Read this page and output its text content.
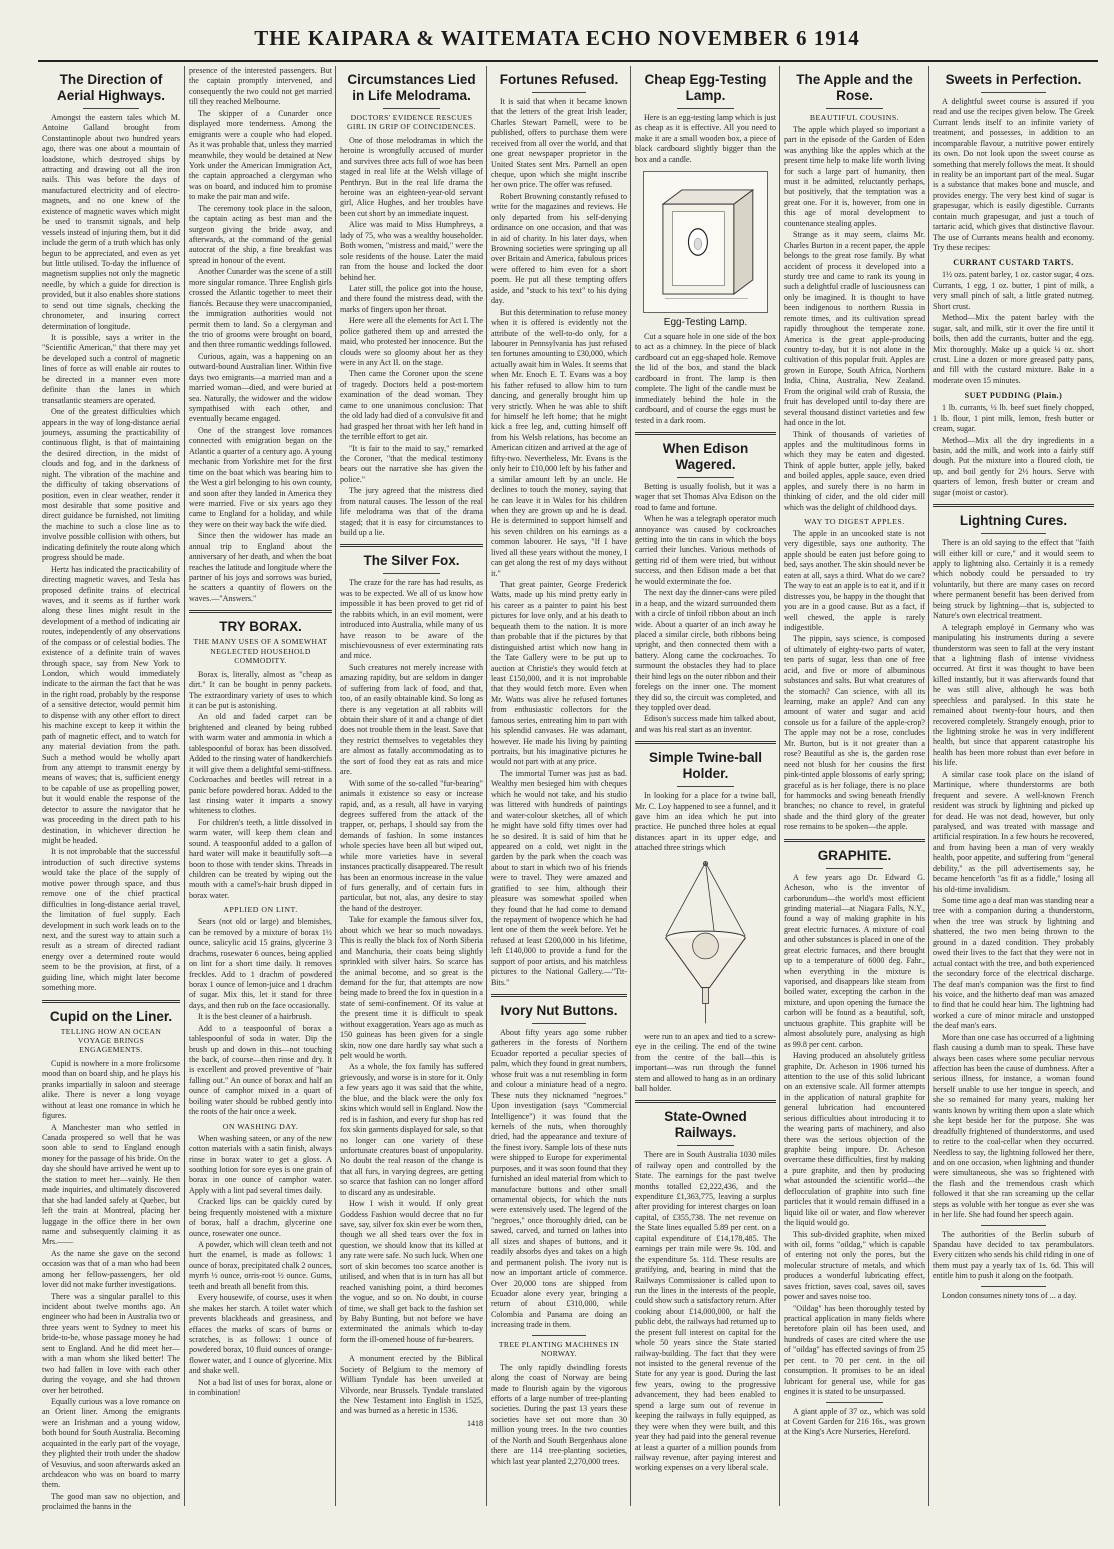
THE KAIPARA & WAITEMATA ECHO NOVEMBER 6 1914
The Direction of Aerial Highways.

Amongst the eastern tales which M. Antoine Galland brought from Constantinople about two hundred years ago, there was one about a mountain of loadstone, which destroyed ships by attracting and drawing out all the iron nails. This was before the days of manufactured electricity and of electro-magnets, and no one knew of the existence of magnetic waves which might be used to transmit signals, and help vessels instead of injuring them, but it did include the germ of a truth which has only begun to be appreciated, and even as yet but little utilised. To-day the influence of magnetism supplies not only the magnetic needle, by which a guide for direction is provided, but it also enables shore stations to send out time signals, checking the chronometer, and insuring correct determination of longitude.

It is possible, says a writer in the "Scientific American," that there may yet be developed such a control of magnetic lines of force as will enable air routes to be directed in a manner even more definite than the lanes in which transatlantic steamers are operated.

One of the greatest difficulties which appears in the way of long-distance aerial journeys, assuming the practicability of continuous flight, is that of maintaining the desired direction, in the midst of clouds and fog, and in the darkness of night. The vibration of the machine and the difficulty of taking observations of position, even in clear weather, render it most desirable that some positive and direct guidance be furnished, not limiting the machine to such a close line as to involve possible collision with others, but indicating definitely the route along which progress should be made.

Hertz has indicated the practicability of directing magnetic waves, and Tesla has proposed definite trains of electrical waves, and it seems as if further work along these lines might result in the development of a method of indicating air routes, independently of any observations of the compass or of celestial bodies. The existence of a definite train of waves through space, say from New York to London, which would immediately indicate to the airman the fact that he was in the right road, probably by the response of a sensitive detector, would permit him to dispense with any other effort to direct his machine except to keep it within the path of magnetic effect, and to watch for any material deviation from the path. Such a method would be wholly apart from any attempt to transmit energy by means of waves; that is, sufficient energy to be capable of use as propelling power, but it would enable the response of the detector to assure the navigator that he was proceeding in the direct path to his destination, in whichever direction he might be headed.

It is not improbable that the successful introduction of such directive systems would take the place of the supply of motive power through space, and thus remove one of the chief practical difficulties in long-distance aerial travel, the limitation of fuel supply. Each development in such work leads on to the next, and the surest way to attain such a result as a stream of directed radiant energy over a determined route would seem to be the provision, at first, of a guiding line, which might later become something more.

Cupid on the Liner.
TELLING HOW AN OCEAN VOYAGE BRINGS ENGAGEMENTS.

Cupid is nowhere in a more frolicsome mood than on board ship, and he plays his pranks impartially in saloon and steerage alike. There is never a long voyage without at least one romance in which he figures.

A Manchester man who settled in Canada prospered so well that he was soon able to send to England enough money for the passage of his bride. On the day she should have arrived he went up to the station to meet her—vainly. He then made inquiries, and ultimately discovered that she had landed safely at Quebec, but left the train at Montreal, placing her luggage in the office there in her own name and subsequently claiming it as Mrs.——

As the name she gave on the second occasion was that of a man who had been among her fellow-passengers, her old lover did not make further investigations.

There was a singular parallel to this incident about twelve months ago. An engineer who had been in Australia two or three years went to Sydney to meet his bride-to-be, whose passage money he had sent to England. And he did meet her—with a man whom she liked better! The two had fallen in love with each other during the voyage, and she had thrown over her betrothed.

Equally curious was a love romance on an Orient liner. Among the emigrants were an Irishman and a young widow, both bound for South Australia. Becoming acquainted in the early part of the voyage, they plighted their troth under the shadow of Vesuvius, and soon afterwards asked an archdeacon who was on board to marry them.

The good man saw no objection, and proclaimed the banns in the

presence of the interested passengers. But the captain promptly intervened, and consequently the two could not get married till they reached Melbourne.

The skipper of a Cunarder once displayed more tenderness. Among the emigrants were a couple who had eloped. As it was probable that, unless they married meanwhile, they would be detained at New York under the American Immigration Act, the captain approached a clergyman who was on board, and induced him to promise to make the pair man and wife.

The ceremony took place in the saloon, the captain acting as best man and the surgeon giving the bride away, and afterwards, at the command of the genial autocrat of the ship, a fine breakfast was spread in honour of the event.

Another Cunarder was the scene of a still more singular romance. Three English girls crossed the Atlantic together to meet their fiancés. Because they were unaccompanied, the immigration authorities would not permit them to land. So a clergyman and the trio of grooms were brought on board, and then three romantic weddings followed.

Curious, again, was a happening on an outward-bound Australian liner. Within five days two emigrants—a married man and a married woman—died, and were buried at sea. Naturally, the widower and the widow sympathised with each other, and eventually became engaged.

One of the strangest love romances connected with emigration began on the Atlantic a quarter of a century ago. A young mechanic from Yorkshire met for the first time on the boat which was bearing him to the West a girl belonging to his own county, and soon after they landed in America they were married. Five or six years ago they came to England for a holiday, and while they were on their way back the wife died.

Since then the widower has made an annual trip to England about the anniversary of her death, and when the boat reaches the latitude and longitude where the partner of his joys and sorrows was buried, he scatters a quantity of flowers on the waves.—"Answers."

TRY BORAX.
THE MANY USES OF A SOMEWHAT NEGLECTED HOUSEHOLD COMMODITY.

Borax is, literally, almost as "cheap as dirt." It can be bought in penny packets. The extraordinary variety of uses to which it can be put is astonishing.

An old and faded carpet can be brightened and cleaned by being rubbed with warm water and ammonia in which a tablespoonful of borax has been dissolved. Added to the rinsing water of handkerchiefs it will give them a delightful semi-stiffness. Cockroaches and beetles will retreat in a panic before powdered borax. Added to the last rinsing water it imparts a snowy whiteness to clothes.

For children's teeth, a little dissolved in warm water, will keep them clean and sound. A teaspoonful added to a gallon of hard water will make it beautifully soft—a boon to those with tender skins. Threads in children can be treated by wiping out the mouth with a camel's-hair brush dipped in borax water.

APPLIED ON LINT.

Sears (not old or large) and blemishes, can be removed by a mixture of borax 1½ ounce, salicylic acid 15 grains, glycerine 3 drachms, rosewater 6 ounces, being applied on lint for a short time daily. It removes freckles. Add to 1 drachm of powdered borax 1 ounce of lemon-juice and 1 drachm of sugar. Mix this, let it stand for three days, and then rub on the face occasionally.

It is the best cleaner of a hairbrush.

Add to a teaspoonful of borax a tablespoonful of soda in water. Dip the brush up and down in this—not touching the back, of course—then rinse and dry. It is excellent and proved preventive of "hair falling out." An ounce of borax and half an ounce of camphor mixed in a quart of boiling water should be rubbed gently into the roots of the hair once a week.

ON WASHING DAY.

When washing sateen, or any of the new cotton materials with a satin finish, always rinse in borax water to get a gloss. A soothing lotion for sore eyes is one grain of borax in one ounce of camphor water. Apply with a lint pad several times daily.

Cracked lips can be quickly cured by being frequently moistened with a mixture of borax, half a drachm, glycerine one ounce, rosewater one ounce.

A powder, which will clean teeth and not hurt the enamel, is made as follows: 1 ounce of borax, precipitated chalk 2 ounces, myrrh ½ ounce, orris-root ½ ounce. Gums, teeth and breath all benefit from this.

Every housewife, of course, uses it when she makes her starch. A toilet water which prevents blackheads and greasiness, and effaces the marks of scars of burns or scratches, is as follows: 1 ounce of powdered borax, 10 fluid ounces of orange-flower water, and 1 ounce of glycerine. Mix and shake well.

Not a bad list of uses for borax, alone or in combination!

Circumstances Lied in Life Melodrama.
DOCTORS' EVIDENCE RESCUES GIRL IN GRIP OF COINCIDENCES.

One of those melodramas in which the heroine is wrongfully accused of murder and survives three acts full of woe has been staged in real life at the Welsh village of Penthryn. But in the real life drama the heroine was an eighteen-year-old servant girl, Alice Hughes, and her troubles have been cut short by an immediate inquest.

Alice was maid to Miss Humphreys, a lady of 75, who was a wealthy householder. Both women, "mistress and maid," were the sole residents of the house. Later the maid ran from the house and locked the door behind her.

Later still, the police got into the house, and there found the mistress dead, with the marks of fingers upon her throat.

Here were all the elements for Act I. The police gathered them up and arrested the maid, who protested her innocence. But the clouds were so gloomy about her as they were in any Act II. on the stage.

Then came the Coroner upon the scene of tragedy. Doctors held a post-mortem examination of the dead woman. They came to one unanimous conclusion: That the old lady had died of a convulsive fit and had grasped her throat with her left hand in the terrible effort to get air.

"It is fair to the maid to say," remarked the Coroner, "that the medical testimony bears out the narrative she has given the police."

The jury agreed that the mistress died from natural causes. The lesson of the real life melodrama was that of the drama staged; that it is easy for circumstances to build up a lie.

The Silver Fox.

The craze for the rare has had results, as was to be expected. We all of us know how impossible it has been proved to get rid of the rabbits which, in an evil moment, were introduced into Australia, while many of us have reason to be aware of the mischievousness of ever exterminating rats and mice.

Such creatures not merely increase with amazing rapidity, but are seldom in danger of suffering from lack of food, and that, too, of an easily obtainable kind. So long as there is any vegetation at all rabbits will obtain their share of it and a change of diet does not trouble them in the least. Save that they restrict themselves to vegetables they are almost as fatally accommodating as to the sort of food they eat as rats and mice are.

With some of the so-called "fur-bearing" animals it existence so easy or increase rapid, and, as a result, all have in varying degrees suffered from the attack of the trapper, or, perhaps, I should say from the demands of fashion. In some instances whole species have been all but wiped out, while more varieties have in several instances practically disappeared. The result has been an enormous increase in the value of furs generally, and of certain furs in particular, but not, alas, any desire to stay the hand of the destroyer.

Take for example the famous silver fox, about which we hear so much nowadays. This is really the black fox of North Siberia and Manchuria, their coats being slightly sprinkled with silver hairs. So scarce has the animal become, and so great is the demand for the fur, that attempts are now being made to breed the fox in question in a state of semi-confinement. Of its value at the present time it is difficult to speak without exaggeration. Years ago as much as 150 guineas has been given for a single skin, now one dare hardly say what such a pelt would be worth.

As a whole, the fox family has suffered grievously, and worse is in store for it. Only a few years ago it was said that the white, the blue, and the black were the only fox skins which would sell in England. Now the red is in fashion, and every fur shop has red fox skin garments displayed for sale, so that no longer can one variety of these unfortunate creatures boast of unpopularity. No doubt the real reason of the change is that all furs, in varying degrees, are getting so scarce that fashion can no longer afford to discard any as undesirable.

How I wish it would. If only great Goddess Fashion would decree that no fur save, say, silver fox skin ever be worn then, though we all shed tears over the fox in question, we should know that its killed at any rate were safe. No such luck. When one sort of skin becomes too scarce another is utilised, and when that is in turn has all but reached vanishing point, a third becomes the vogue, and so on. No doubt, in course of time, we shall get back to the fashion set by Baby Bunting, but not before we have exterminated the animals which to-day form the ill-omened house of fur-bearers.

A monument erected by the Biblical Society of Belgium to the memory of William Tyndale has been unveiled at Vilvorde, near Brussels. Tyndale translated the New Testament into English in 1525, and was burned as a heretic in 1536.

1418
Fortunes Refused.

It is said that when it became known that the letters of the great Irish leader, Charles Stewart Parnell, were to be published, offers to purchase them were received from all over the world, and that one great newspaper proprietor in the United States sent Mrs. Parnell an open cheque, upon which she might inscribe her own price. The offer was refused.

Robert Browning constantly refused to write for the magazines and reviews. He only departed from his self-denying ordinance on one occasion, and that was in aid of charity. In his later days, when Browning societies were springing up all over Britain and America, fabulous prices were offered to him even for a short poem. He put all these tempting offers aside, and "stuck to his text" to his dying day.

But this determination to refuse money when it is offered is evidently not the attribute of the well-to-do only, for a labourer in Pennsylvania has just refused ten fortunes amounting to £30,000, which actually await him in Wales. It seems that when Mr. Enoch E. T. Evans was a boy his father refused to allow him to turn dancing, and generally brought him up very strictly. When he was able to shift for himself he left home; that he might kick a free leg, and, cutting himself off from his Welsh relations, has become an American citizen and arrived at the age of fifty-two. Nevertheless, Mr. Evans is the only heir to £10,000 left by his father and a similar amount left by an uncle. He declines to touch the money, saying that he can leave it in Wales for his children when they are grown up and he is dead. He is determined to support himself and his seven children on his earnings as a common labourer. He says, "If I have lived all these years without the money, I can get along the rest of my days without it."

That great painter, George Frederick Watts, made up his mind pretty early in his career as a painter to paint his best pictures for love only, and at his death to bequeath them to the nation. It is more than probable that if the pictures by that distinguished artist which now hang in the Tate Gallery were to be put up to auction at Christie's they would fetch at least £150,000, and it is not improbable that they would fetch more. Even when Mr. Watts was alive he refused fortunes from enthusiastic collectors for the famous series, entreating him to part with his splendid canvases. He was adamant, however. He made his living by painting portraits, but his imaginative pictures he would not part with at any price.

The immortal Turner was just as bad. Wealthy men besieged him with cheques which he would not take, and his studio was littered with hundreds of paintings and water-colour sketches, all of which he might have sold fifty times over had he so desired. It is said of him that he appeared on a cold, wet night in the garden by the park when the coach was about to start in which two of his friends were to travel. They were amazed and gratified to see him, although their pleasure was somewhat spoiled when they found that he had come to demand the repayment of twopence which he had lent one of them the week before. Yet he refused at least £200,000 in his lifetime, left £140,000 to provide a fund for the support of poor artists, and his matchless pictures to the National Gallery.—"Tit-Bits."

Ivory Nut Buttons.

About fifty years ago some rubber gatherers in the forests of Northern Ecuador reported a peculiar species of palm, which they found in great numbers, whose fruit was a nut resembling in form and colour a miniature head of a negro. These nuts they nicknamed "negroes." Upon investigation (says "Commercial Intelligence") it was found that the kernels of the nuts, when thoroughly dried, had the appearance and texture of the finest ivory. Sample lots of these nuts were shipped to Europe for experimental purposes, and it was soon found that they furnished an ideal material from which to manufacture buttons and other small ornamental objects, for which the nuts were extensively used. The legend of the "negroes," once thoroughly dried, can be sawed, carved, and turned on lathes into all sizes and shapes of buttons, and it readily absorbs dyes and takes on a high and permanent polish. The ivory nut is now an important article of commerce. Over 20,000 tons are shipped from Ecuador alone every year, bringing a return of about £310,000, while Colombia and Panama are doing an increasing trade in them.

TREE PLANTING MACHINES IN NORWAY.

The only rapidly dwindling forests along the coast of Norway are being made to flourish again by the vigorous efforts of a large number of tree-planting societies. During the past 13 years these societies have set out more than 30 million young trees. In the two counties of the North and South Bergenhaus alone there are 114 tree-planting societies, which last year planted 2,270,000 trees.

Cheap Egg-Testing Lamp.

Here is an egg-testing lamp which is just as cheap as it is effective. All you need to make it are a small wooden box, a piece of black cardboard slightly bigger than the box and a candle.

Egg-Testing Lamp.

Cut a square hole in one side of the box to act as a chimney. In the piece of black cardboard cut an egg-shaped hole. Remove the lid of the box, and stand the black cardboard in front. The lamp is then complete. The light of the candle must be immediately behind the hole in the cardboard, and of course the eggs must be tested in a dark room.

When Edison Wagered.

Betting is usually foolish, but it was a wager that set Thomas Alva Edison on the road to fame and fortune.

When he was a telegraph operator much annoyance was caused by cockroaches getting into the tin cans in which the boys carried their lunches. Various methods of getting rid of them were tried, but without success, and then Edison made a bet that he would exterminate the foe.

The next day the dinner-cans were piled in a heap, and the wizard surrounded them with a circle of tinfoil ribbon about an inch wide. About a quarter of an inch away he placed a similar circle, both ribbons being upright, and then connected them with a battery. Along came the cockroaches. To surmount the obstacles they had to place their hind legs on the outer ribbon and their forelegs on the inner one. The moment they did so, the circuit was completed, and they toppled over dead.

Edison's success made him talked about, and was his real start as an inventor.

Simple Twine-ball Holder.

In looking for a place for a twine ball, Mr. C. Loy happened to see a funnel, and it gave him an idea which he put into practice. He punched three holes at equal distances apart in its upper edge, and attached three strings which

were run to an apex and tied to a screw-eye in the ceiling. The end of the twine from the centre of the ball—this is important—was run through the funnel stem and allowed to hang as in an ordinary ball holder.

State-Owned Railways.

There are in South Australia 1030 miles of railway open and controlled by the State. The earnings for the past twelve months totalled £2,222,436, and the expenditure £1,363,775, leaving a surplus after providing for interest charges on loan capital, of £355,738. The net revenue on the State lines equalled 5.89 per cent. on a capital expenditure of £14,178,485. The earnings per train mile were 9s. 10d. and the expenditure 5s. 11d. These results are gratifying, and, bearing in mind that the Railways Commissioner is called upon to run the lines in the interests of the people, could show such a satisfactory return. After cooking about £14,000,000, or half the public debt, the railways had returned up to the present full interest on capital for the whole 50 years since the State started railway-building. The fact that they were not insisted to the general revenue of the State for any year is good. During the last few years, owing to the progressive advancement, they had been enabled to spend a large sum out of revenue in keeping the railways in fully equipped, as they were when they were built, and this year they had paid into the general revenue at least a quarter of a million pounds from railway revenue, after paying interest and working expenses on a very liberal scale.

The Apple and the Rose.
BEAUTIFUL COUSINS.

The apple which played so important a part in the episode of the Garden of Eden was anything like the apples which at the present time help to make life worth living for such a large part of humanity, then must it be admitted, reluctantly perhaps, but positively, that the temptation was a great one. For it is, however, from one in this age of moral development to countenance stealing apples.

Strange as it may seem, claims Mr. Charles Burton in a recent paper, the apple belongs to the great rose family. By what accident of process it developed into a sturdy tree and came to rank its young in such a delightful cradle of lusciousness can only be imagined. It is thought to have been indigenous to northern Russia in remote times, and its cultivation spread rapidly throughout the temperate zone. America is the great apple-producing country to-day, but it is not alone in the cultivation of this popular fruit. Apples are grown in Europe, South Africa, Northern India, China, Australia, New Zealand. From the original wild crab of Russia, the fruit has developed until to-day there are several thousand distinct varieties and few had once in the lot.

Think of thousands of varieties of apples and the multitudinous forms in which they may be eaten and digested. Think of apple butter, apple jelly, baked and boiled apples, apple sauce, even dried apples, and surely there is no harm in thinking of cider, and the old cider mill which was the delight of childhood days.

WAY TO DIGEST APPLES.

The apple in an uncooked state is not very digestible, says one authority. The apple should be eaten just before going to bed, says another. The skin should never be eaten at all, says a third. What do we care? The way to eat an apple is to eat it, and if it distresses you, be happy in the thought that you are in a good cause. But as a fact, if well chewed, the apple is rarely indigestible.

The pippin, says science, is composed of ultimately of eighty-two parts of water, ten parts of sugar, less than one of free acid, and five or more of albuminous substances and salts. But what creatures of the stomach? Can science, with all its learning, make an apple? And can any amount of water and sugar and acid console us for a failure of the apple-crop? The apple may not be a rose, concludes Mr. Burton, but is it not greater than a rose? Beautiful as she is, the garden rose need not blush for her cousins the first pink-tinted apple blossoms of early spring; graceful as is her foliage, there is no place for hammocks and swing beneath friendly branches; no chance to revel, in grateful shade and the third glory of the greater rose remains to be spoken—the apple.

GRAPHITE.

A few years ago Dr. Edward G. Acheson, who is the inventor of carborundum—the world's most efficient grinding material—at Niagara Falls, N.Y., found a way of making graphite in his great electric furnaces. A mixture of coal and other substances is placed in one of the great electric furnaces, and there brought up to a temperature of 6000 deg. Fahr., when everything in the mixture is vaporised, and disappears like steam from boiled water, excepting the carbon in the mixture, and upon opening the furnace the carbon will be found as a beautiful, soft, unctuous graphite. This graphite will be almost absolutely pure, analysing as high as 99.8 per cent. carbon.

Having produced an absolutely gritless graphite, Dr. Acheson in 1906 turned his attention to the use of this solid lubricant on an extensive scale. All former attempts in the application of natural graphite for general lubrication had encountered serious difficulties about introducing it to the wearing parts of machinery, and also there was the serious objection of the graphite being impure. Dr. Acheson overcame these difficulties, first by making a pure graphite, and then by producing what astounded the scientific world—the deflocculation of graphite into such fine particles that it would remain diffused in a liquid like oil or water, and flow wherever the liquid would go.

This sub-divided graphite, when mixed with oil, forms "oildag," which is capable of entering not only the pores, but the molecular structure of metals, and which produces a wonderful lubricating effect, saves friction, saves coal, saves oil, saves power and saves noise too.

"Oildag" has been thoroughly tested by practical application in many fields where heretofore plain oil has been used, and hundreds of cases are cited where the use of "oildag" has effected savings of from 25 per cent. to 70 per cent. in the oil consumption. It promises to be an ideal lubricant for general use, while for gas engines it is stated to be unsurpassed.

A giant apple of 37 oz., which was sold at Covent Garden for 216 16s., was grown at the King's Acre Nurseries, Hereford.

Sweets in Perfection.

A delightful sweet course is assured if you read and use the recipes given below. The Greek Currant lends itself to an infinite variety of treatment, and possesses, in addition to an incomparable flavour, a nutritive power entirely its own. Do not look upon the sweet course as something that merely follows the meat. It should in reality be an important part of the meal. Sugar is a substance that makes bone and muscle, and provides energy. The very best kind of sugar is grapesugar, which is easily digestible. Currants contain much grapesugar, and just a touch of tartaric acid, which gives that distinctive flavour. The use of Currants means health and economy. Try these recipes:

CURRANT CUSTARD TARTS.

1½ ozs. patent barley, 1 oz. castor sugar, 4 ozs. Currants, 1 egg, 1 oz. butter, 1 pint of milk, a very small pinch of salt, a little grated nutmeg. Short crust.

Method—Mix the patent barley with the sugar, salt, and milk, stir it over the fire until it boils, then add the currants, butter and the egg. Mix thoroughly. Make up a quick ¼ oz. short crust. Line a dozen or more greased patty pans, and fill with the custard mixture. Bake in a moderate oven 15 minutes.

SUET PUDDING (Plain.)

1 lb. currants, ½ lb. beef suet finely chopped, 1 lb. flour, 1 pint milk, lemon, fresh butter or cream, sugar.

Method—Mix all the dry ingredients in a basin, add the milk, and work into a fairly stiff dough. Put the mixture into a floured cloth, tie up, and boil gently for 2½ hours. Serve with quarters of lemon, fresh butter or cream and sugar (moist or castor).

Lightning Cures.

There is an old saying to the effect that "faith will either kill or cure," and it would seem to apply to lightning also. Certainly it is a remedy which nobody could be persuaded to try voluntarily, but there are many cases on record where permanent benefit has been derived from being struck by lightning—that is, subjected to Nature's own electrical treatment.

A telegraph employé in Germany who was manipulating his instruments during a severe thunderstorm was seen to fall at the very instant that a lightning flash of intense vividness occurred. At first it was thought to have been killed instantly, but it was afterwards found that he was still alive, although he was both speechless and paralysed. In this state he remained about twenty-four hours, and then recovered completely. Strangely enough, prior to the lightning stroke he was in very indifferent health, but since that apparent catastrophe his health has been more robust than ever before in his life.

A similar case took place on the island of Martinique, where thunderstorms are both frequent and severe. A well-known French resident was struck by lightning and picked up for dead. He was not dead, however, but only paralysed, and was treated with massage and artificial respiration. In a few hours he recovered, and from having been a man of very weakly health, poor appetite, and suffering from "general debility," as the pill advertisements say, he became henceforth "as fit as a fiddle," losing all his old-time invalidism.

Some time ago a deaf man was standing near a tree with a companion during a thunderstorm, when the tree was struck by lightning and shattered, the two men being thrown to the ground in a dazed condition. They probably owed their lives to the fact that they were not in actual contact with the tree, and both experienced the secondary force of the electrical discharge. The deaf man's companion was the first to find his voice, and the hitherto deaf man was amazed to find that he could hear him. The lightning had worked a cure of minor miracle and unstopped the deaf man's ears.

More than one case has occurred of a lightning flash causing a dumb man to speak. These have always been cases where some peculiar nervous affection has been the cause of dumbness. After a serious illness, for instance, a woman found herself unable to use her tongue in speech, and she so remained for many years, making her wants known by writing them upon a slate which she kept beside her for the purpose. She was dreadfully frightened of thunderstorms, and used to retire to the coal-cellar when they occurred. Needless to say, the lightning followed her there, and on one occasion, when lightning and thunder were simultaneous, she was so frightened with the flash and the tremendous crash which followed it that she ran screaming up the cellar steps as voluble with her tongue as ever she was in her life. She had found her speech again.

The authorities of the Berlin suburb of Spandau have decided to tax perambulators. Every citizen who sends his child riding in one of them must pay a yearly tax of 1s. 6d. This will entitle him to push it along on the footpath.

London consumes ninety tons of ... a day.
